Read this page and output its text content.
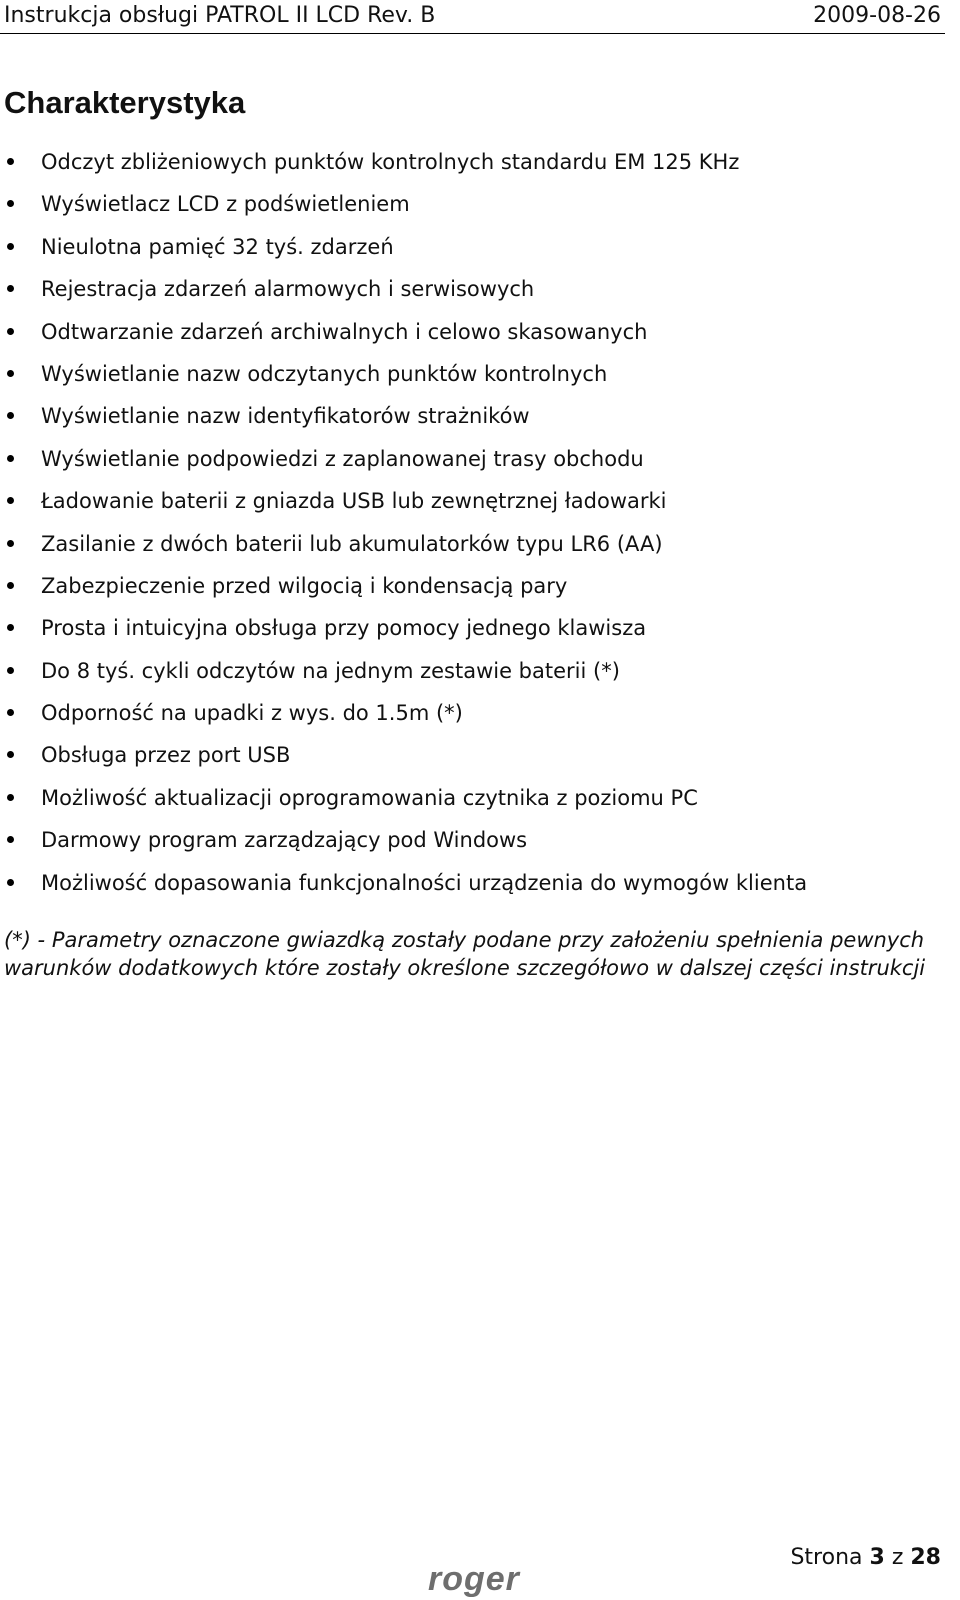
Instrukcja obsługi PATROL II LCD Rev. B	2009-08-26
Charakterystyka
Odczyt zbliżeniowych punktów kontrolnych standardu EM 125 KHz
Wyświetlacz LCD z podświetleniem
Nieulotna pamięć 32 tyś. zdarzeń
Rejestracja zdarzeń alarmowych i serwisowych
Odtwarzanie zdarzeń archiwalnych i celowo skasowanych
Wyświetlanie nazw odczytanych punktów kontrolnych
Wyświetlanie nazw identyfikatorów strażników
Wyświetlanie podpowiedzi z zaplanowanej trasy obchodu
Ładowanie baterii z gniazda USB lub zewnętrznej ładowarki
Zasilanie z dwóch baterii lub akumulatorków typu LR6 (AA)
Zabezpieczenie przed wilgocią i kondensacją pary
Prosta i intuicyjna obsługa przy pomocy jednego klawisza
Do 8 tyś. cykli odczytów na jednym zestawie baterii (*)
Odporność na upadki z wys. do 1.5m (*)
Obsługa przez port USB
Możliwość aktualizacji oprogramowania czytnika z poziomu PC
Darmowy program zarządzający pod Windows
Możliwość dopasowania funkcjonalności urządzenia do wymogów klienta

(*) - Parametry oznaczone gwiazdką zostały podane przy założeniu spełnienia pewnych warunków dodatkowych które zostały określone szczegółowo w dalszej części instrukcji

Strona 3 z 28
roger
